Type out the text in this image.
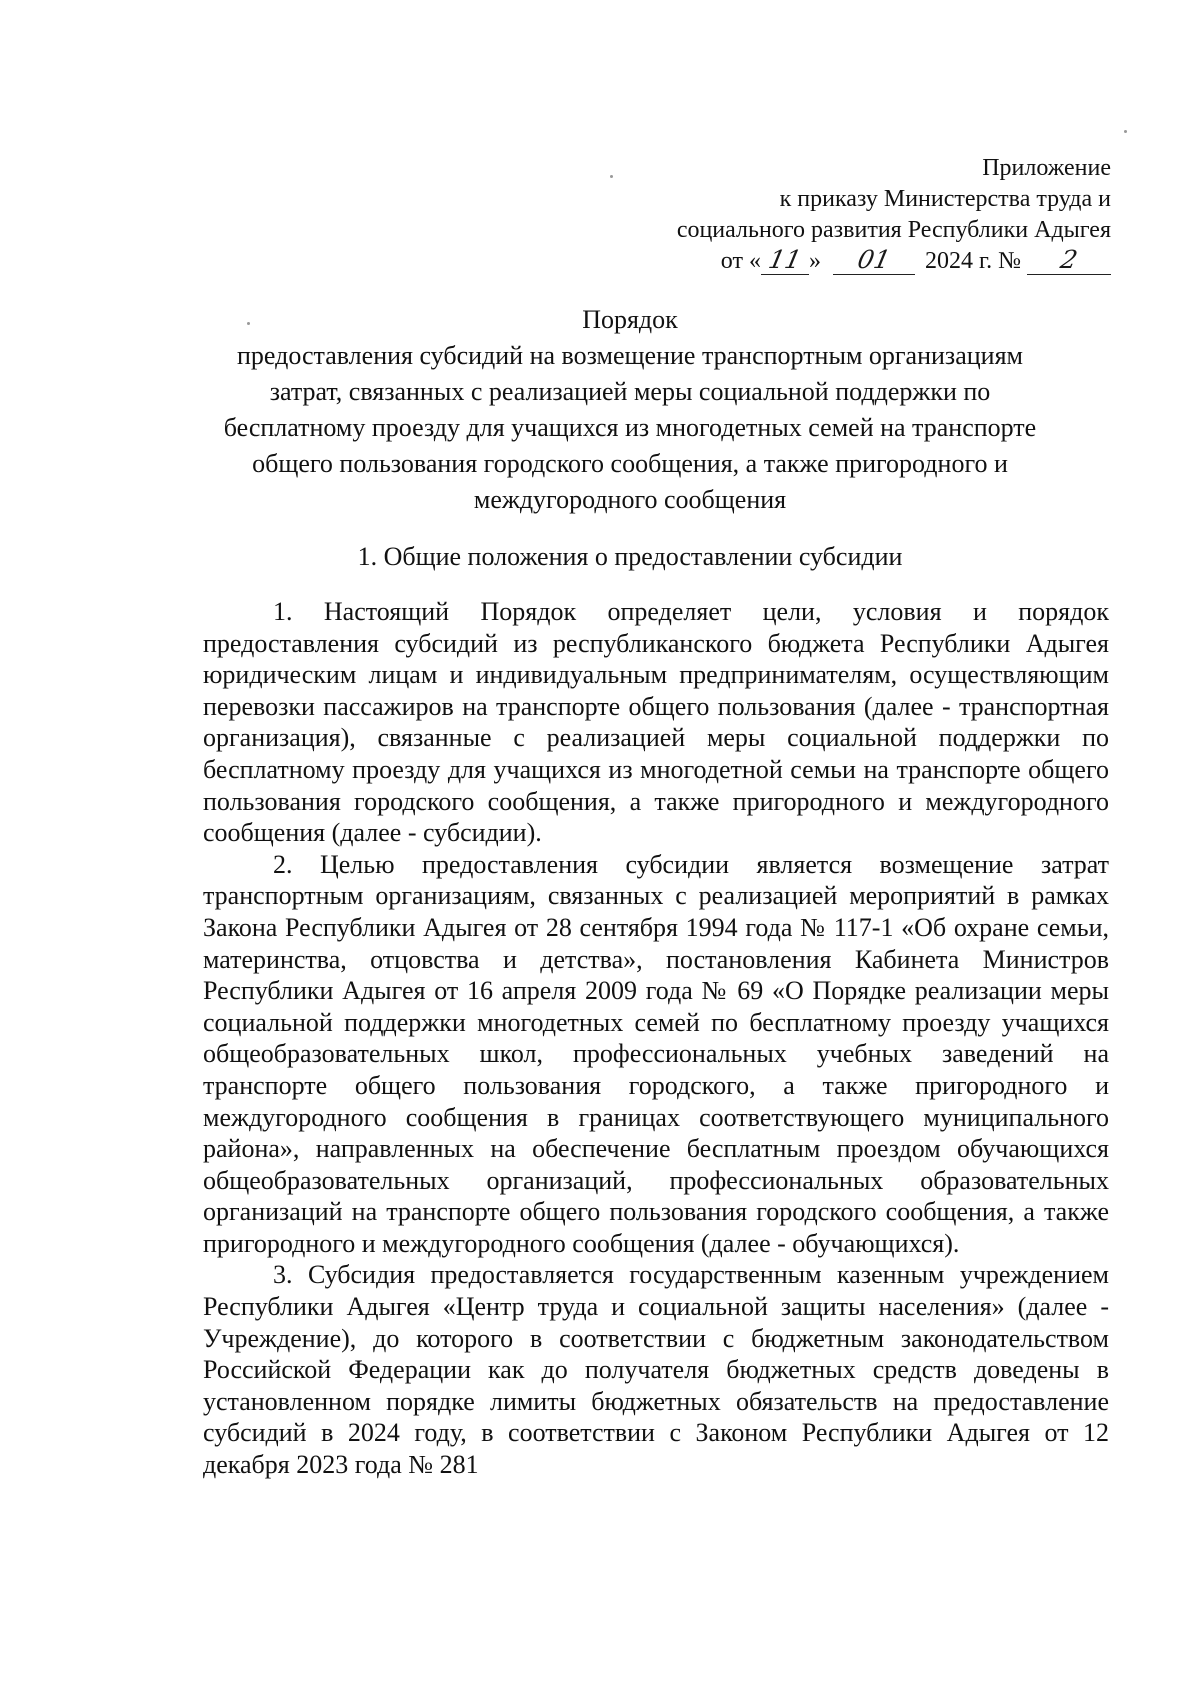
Приложение
к приказу Министерства труда и
социального развития Республики Адыгея
от « 11 » 01 2024 г. № 2
Порядок
предоставления субсидий на возмещение транспортным организациям
затрат, связанных с реализацией меры социальной поддержки по
бесплатному проезду для учащихся из многодетных семей на транспорте
общего пользования городского сообщения, а также пригородного и
междугородного сообщения
1. Общие положения о предоставлении субсидии

1. Настоящий Порядок определяет цели, условия и порядок предоставления субсидий из республиканского бюджета Республики Адыгея юридическим лицам и индивидуальным предпринимателям, осуществляющим перевозки пассажиров на транспорте общего пользования (далее - транспортная организация), связанные с реализацией меры социальной поддержки по бесплатному проезду для учащихся из многодетной семьи на транспорте общего пользования городского сообщения, а также пригородного и междугородного сообщения (далее - субсидии).

2. Целью предоставления субсидии является возмещение затрат транспортным организациям, связанных с реализацией мероприятий в рамках Закона Республики Адыгея от 28 сентября 1994 года № 117-1 «Об охране семьи, материнства, отцовства и детства», постановления Кабинета Министров Республики Адыгея от 16 апреля 2009 года № 69 «О Порядке реализации меры социальной поддержки многодетных семей по бесплатному проезду учащихся общеобразовательных школ, профессиональных учебных заведений на транспорте общего пользования городского, а также пригородного и междугородного сообщения в границах соответствующего муниципального района», направленных на обеспечение бесплатным проездом обучающихся общеобразовательных организаций, профессиональных образовательных организаций на транспорте общего пользования городского сообщения, а также пригородного и междугородного сообщения (далее - обучающихся).

3. Субсидия предоставляется государственным казенным учреждением Республики Адыгея «Центр труда и социальной защиты населения» (далее - Учреждение), до которого в соответствии с бюджетным законодательством Российской Федерации как до получателя бюджетных средств доведены в установленном порядке лимиты бюджетных обязательств на предоставление субсидий в 2024 году, в соответствии с Законом Республики Адыгея от 12 декабря 2023 года № 281
